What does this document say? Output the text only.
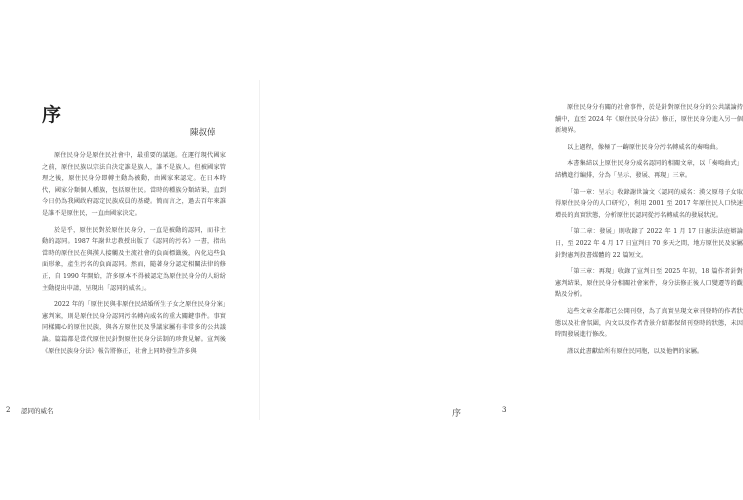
序
陳叔倬

原住民身分是原住民社會中，最重要的議題。在運行現代國家之前，原住民族以宗法自決定誰是族人，誰不是族人。但被國家管理之後，原住民身分即轉主動為被動，由國家來認定。在日本時代，國家分類個人種族，包括原住民。當時的種族分類結果，直到今日仍為我國政府認定民族成員的基礎。簡而言之，過去百年來誰是誰不是原住民，一直由國家決定。

於是乎，原住民對於原住民身分，一直是被動的認同，而非主動的認同。1987 年謝世忠教授出版了《認同的污名》一書，指出當時的原住民在與漢人接觸及主流社會的負面標籤後，內化這些負面形象，產生污名的負面認同。然而，隨著身分認定相關法律的修正，自 1990 年開始，許多原本不得被認定為原住民身分的人紛紛主動提出申請，呈現出「認同的威名」。

2022 年的「原住民與非原住民結婚所生子女之原住民身分案」憲判案，則是原住民身分認同污名轉向威名的重大關鍵事件。事實同樣關心的原住民族，與各方原住民及爭議家屬有非常多的公共議論。篇篇都是當代原住民針對原住民身分法制的珍貴見解。宣判後《原住民族身分法》報告將修正，社會上同時發生許多與

原住民身分有關的社會事件，於是針對原住民身分的公共議論持續中，直至 2024 年《原住民身分法》修正，原住民身分進入另一個新境界。

以上過程，像極了一齣原住民身分污名轉威名的奏鳴曲。

本書集結以上原住民身分威名認同的相關文章，以「奏鳴曲式」結構進行編排，分為「呈示、發展、再現」三章。

「第一章：呈示」收錄謝世論文〈認同的威名：漢父原母子女取得原住民身分的人口研究〉，利用 2001 至 2017 年原住民人口快速增長的真實狀態，分析原住民認同從污名轉威名的發展狀況。

「第二章：發展」則收錄了 2022 年 1 月 17 日憲法法庭辯論日，至 2022 年 4 月 17 日宣判日 70 多天之間，地方原住民及家屬針對憲判投書媒體的 22 篇短文。

「第三章：再現」收錄了宣判日至 2025 年初，18 篇作者針對憲判結果，原住民身分相關社會案件，身分法修正後人口變遷等的觀點及分析。

這些文章全都都已公開刊登，為了真實呈現文章刊登時的作者狀態以及社會氛圍，內文以及作者背景介紹都保留刊登時的狀態，未因時間發展進行修改。

謹以此書獻給所有原住民同胞，以及他們的家屬。

2 認同的威名	序	3
